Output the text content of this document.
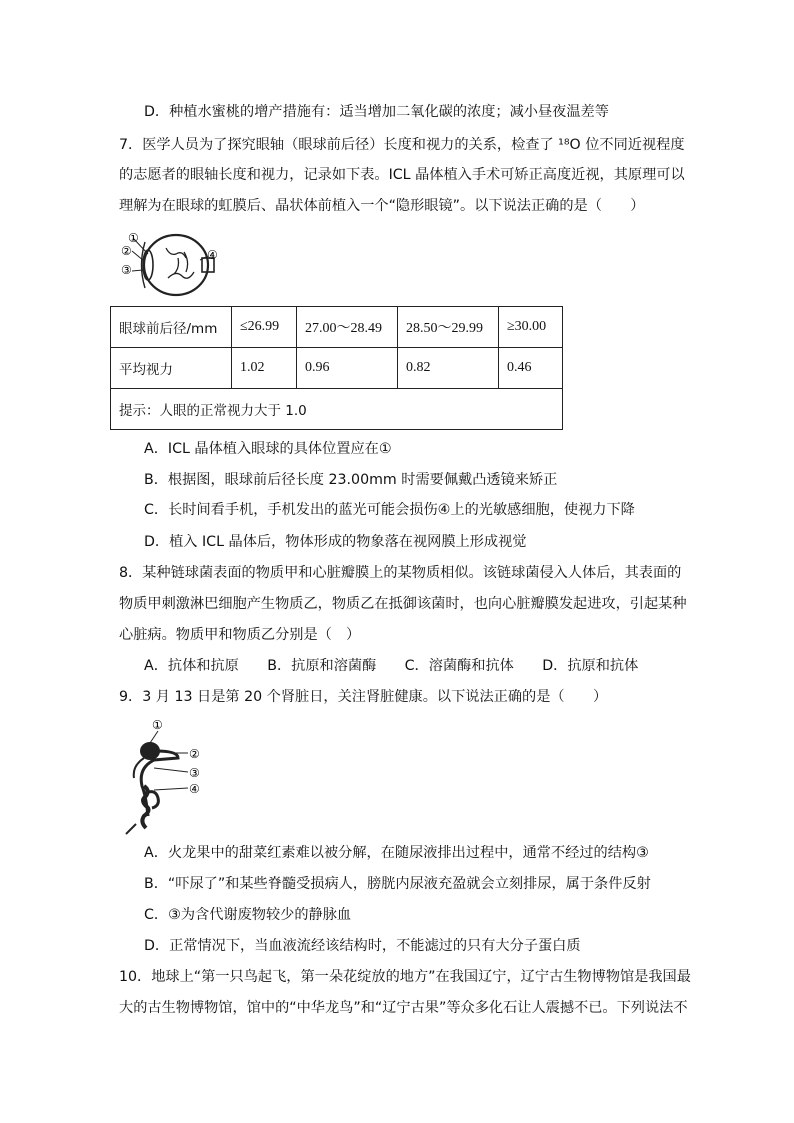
D．种植水蜜桃的增产措施有：适当增加二氧化碳的浓度；减小昼夜温差等
7．医学人员为了探究眼轴（眼球前后径）长度和视力的关系，检查了 ¹⁸O 位不同近视程度
的志愿者的眼轴长度和视力，记录如下表。ICL 晶体植入手术可矫正高度近视，其原理可以
理解为在眼球的虹膜后、晶状体前植入一个“隐形眼镜”。以下说法正确的是（　　）
①
②
③
④
眼球前后径/mm	≤26.99	27.00～28.49	28.50～29.99	≥30.00
平均视力	1.02	0.96	0.82	0.46
提示：人眼的正常视力大于 1.0				
A．ICL 晶体植入眼球的具体位置应在①
B．根据图，眼球前后径长度 23.00mm 时需要佩戴凸透镜来矫正
C．长时间看手机，手机发出的蓝光可能会损伤④上的光敏感细胞，使视力下降
D．植入 ICL 晶体后，物体形成的物象落在视网膜上形成视觉
8．某种链球菌表面的物质甲和心脏瓣膜上的某物质相似。该链球菌侵入人体后，其表面的
物质甲刺激淋巴细胞产生物质乙，物质乙在抵御该菌时，也向心脏瓣膜发起进攻，引起某种
心脏病。物质甲和物质乙分别是（　）
A．抗体和抗原　　B．抗原和溶菌酶　　C．溶菌酶和抗体　　D．抗原和抗体
9．3 月 13 日是第 20 个肾脏日，关注肾脏健康。以下说法正确的是（　　）
①
②
③
④
A．火龙果中的甜菜红素难以被分解，在随尿液排出过程中，通常不经过的结构③
B．“吓尿了”和某些脊髓受损病人，膀胱内尿液充盈就会立刻排尿，属于条件反射
C．③为含代谢废物较少的静脉血
D．正常情况下，当血液流经该结构时，不能滤过的只有大分子蛋白质
10．地球上“第一只鸟起飞，第一朵花绽放的地方”在我国辽宁，辽宁古生物博物馆是我国最
大的古生物博物馆，馆中的“中华龙鸟”和“辽宁古果”等众多化石让人震撼不已。下列说法不
